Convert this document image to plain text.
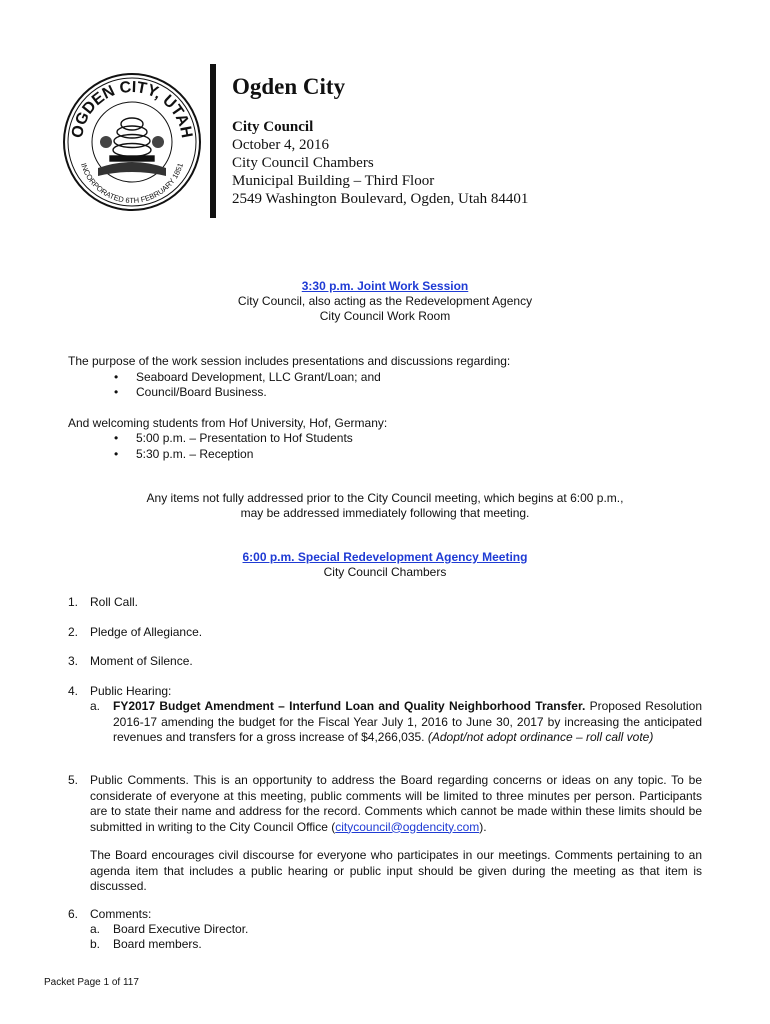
OGDEN CITY, UTAH
INCORPORATED 6TH FEBRUARY 1851
Ogden City
City Council
October 4, 2016
City Council Chambers
Municipal Building – Third Floor
2549 Washington Boulevard, Ogden, Utah 84401
3:30 p.m. Joint Work Session
City Council, also acting as the Redevelopment Agency
City Council Work Room
The purpose of the work session includes presentations and discussions regarding:
• Seaboard Development, LLC Grant/Loan; and
• Council/Board Business.
And welcoming students from Hof University, Hof, Germany:
• 5:00 p.m. – Presentation to Hof Students
• 5:30 p.m. – Reception
Any items not fully addressed prior to the City Council meeting, which begins at 6:00 p.m.,
may be addressed immediately following that meeting.
6:00 p.m. Special Redevelopment Agency Meeting
City Council Chambers
1. Roll Call.
2. Pledge of Allegiance.
3. Moment of Silence.
4. Public Hearing:
a. FY2017 Budget Amendment – Interfund Loan and Quality Neighborhood Transfer. Proposed Resolution 2016-17 amending the budget for the Fiscal Year July 1, 2016 to June 30, 2017 by increasing the anticipated revenues and transfers for a gross increase of $4,266,035. (Adopt/not adopt ordinance – roll call vote)
5. Public Comments. This is an opportunity to address the Board regarding concerns or ideas on any topic. To be considerate of everyone at this meeting, public comments will be limited to three minutes per person. Participants are to state their name and address for the record. Comments which cannot be made within these limits should be submitted in writing to the City Council Office (citycouncil@ogdencity.com).
The Board encourages civil discourse for everyone who participates in our meetings. Comments pertaining to an agenda item that includes a public hearing or public input should be given during the meeting as that item is discussed.
6. Comments:
a. Board Executive Director.
b. Board members.
Packet Page 1 of 117
